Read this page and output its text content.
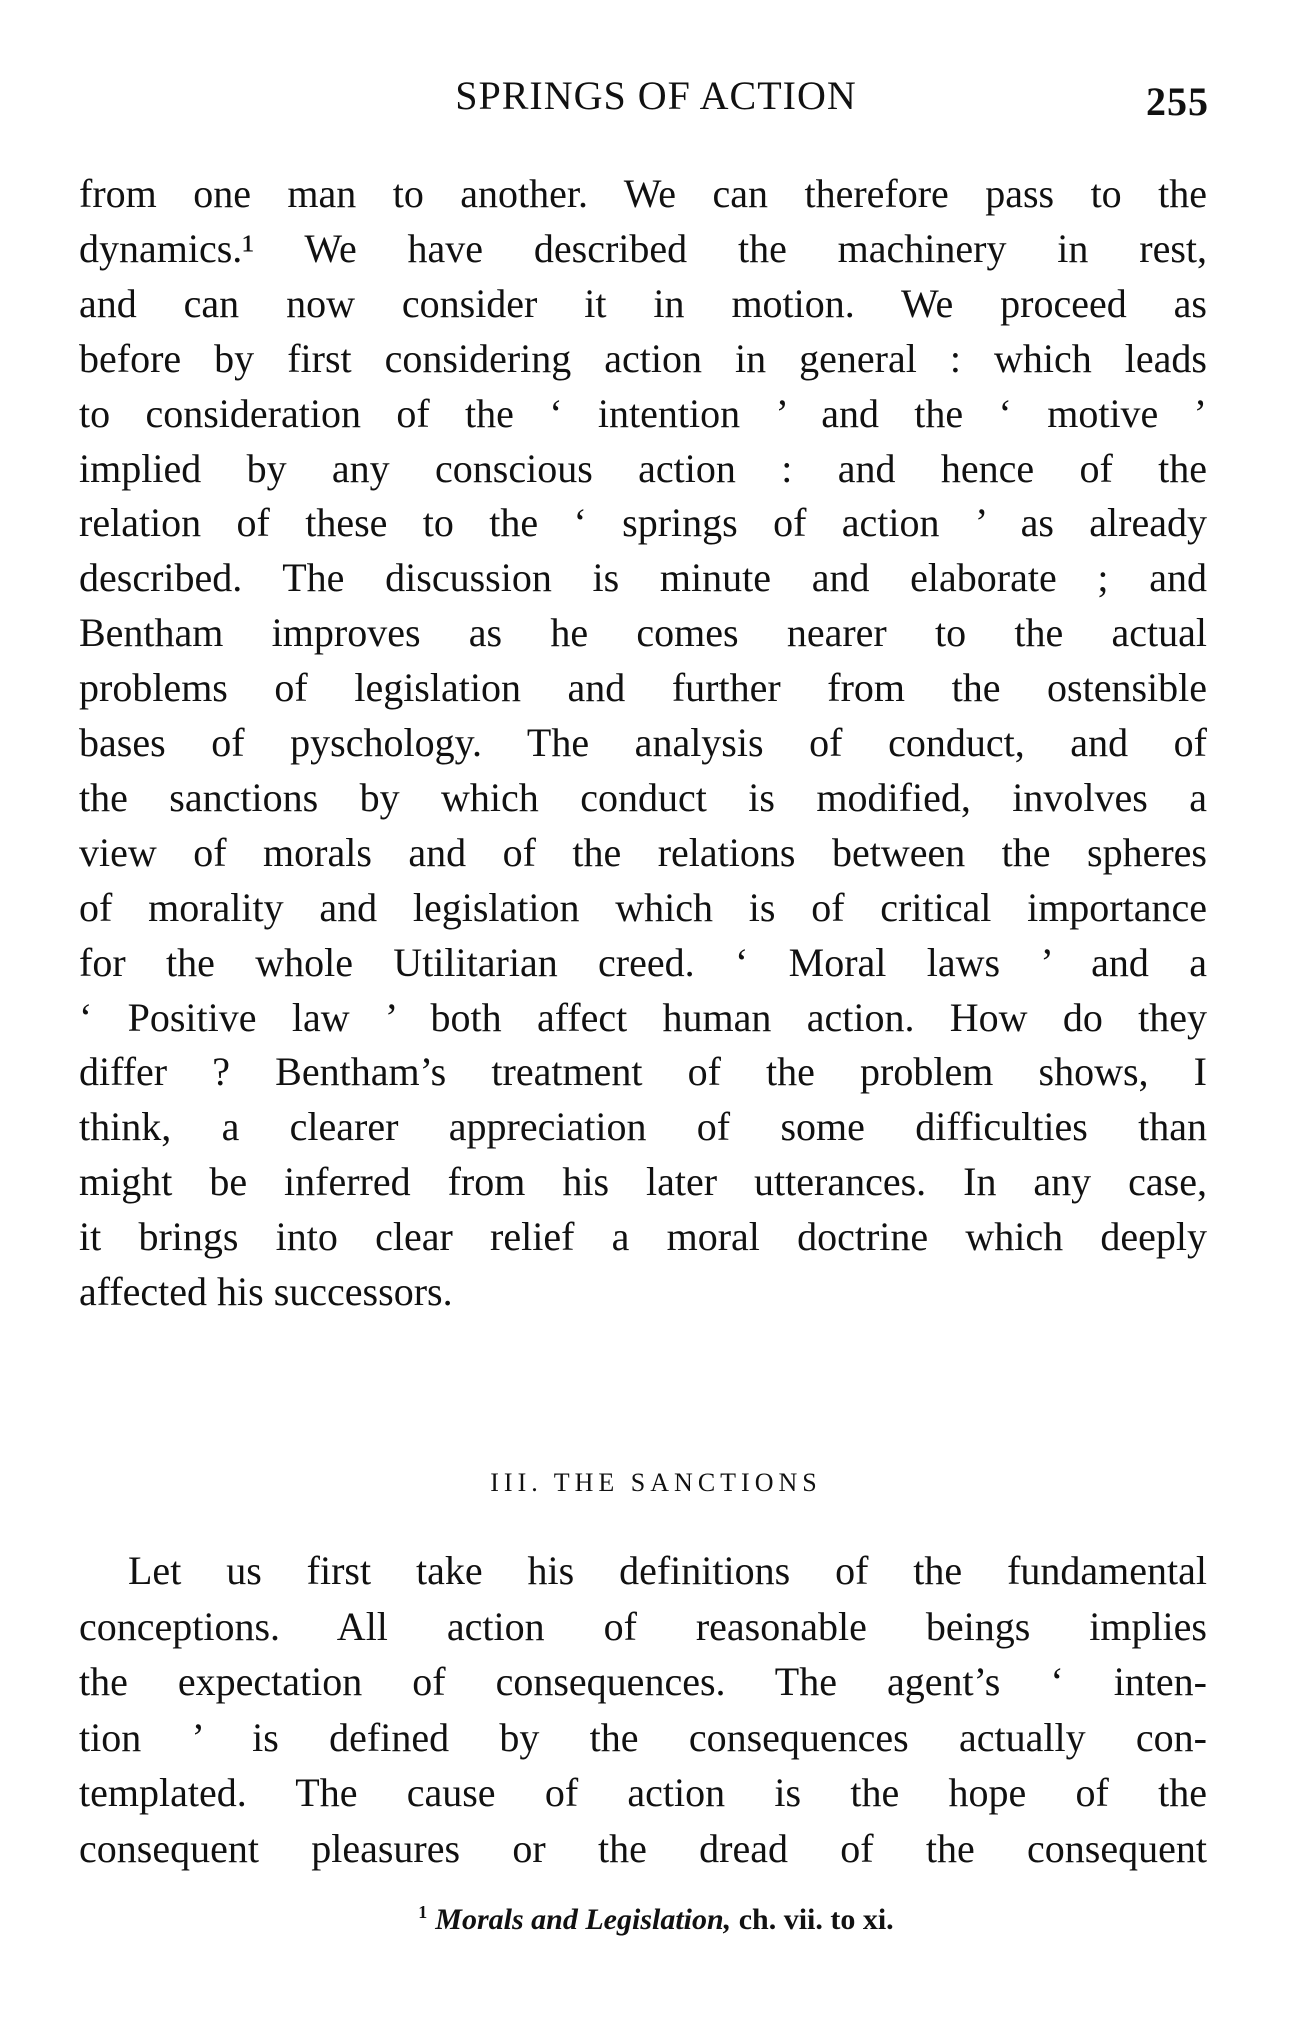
SPRINGS OF ACTION	255
from one man to another. We can therefore pass to the
dynamics.¹ We have described the machinery in rest,
and can now consider it in motion. We proceed as
before by first considering action in general : which leads
to consideration of the ‘ intention ’ and the ‘ motive ’
implied by any conscious action : and hence of the
relation of these to the ‘ springs of action ’ as already
described. The discussion is minute and elaborate ; and
Bentham improves as he comes nearer to the actual
problems of legislation and further from the ostensible
bases of pyschology. The analysis of conduct, and of
the sanctions by which conduct is modified, involves a
view of morals and of the relations between the spheres
of morality and legislation which is of critical importance
for the whole Utilitarian creed. ‘ Moral laws ’ and a
‘ Positive law ’ both affect human action. How do they
differ ? Bentham’s treatment of the problem shows, I
think, a clearer appreciation of some difficulties than
might be inferred from his later utterances. In any case,
it brings into clear relief a moral doctrine which deeply
affected his successors.
III. THE SANCTIONS
Let us first take his definitions of the fundamental
conceptions. All action of reasonable beings implies
the expectation of consequences. The agent’s ‘ inten-
tion ’ is defined by the consequences actually con-
templated. The cause of action is the hope of the
consequent pleasures or the dread of the consequent
$^1$ Morals and Legislation, ch. vii. to xi.
